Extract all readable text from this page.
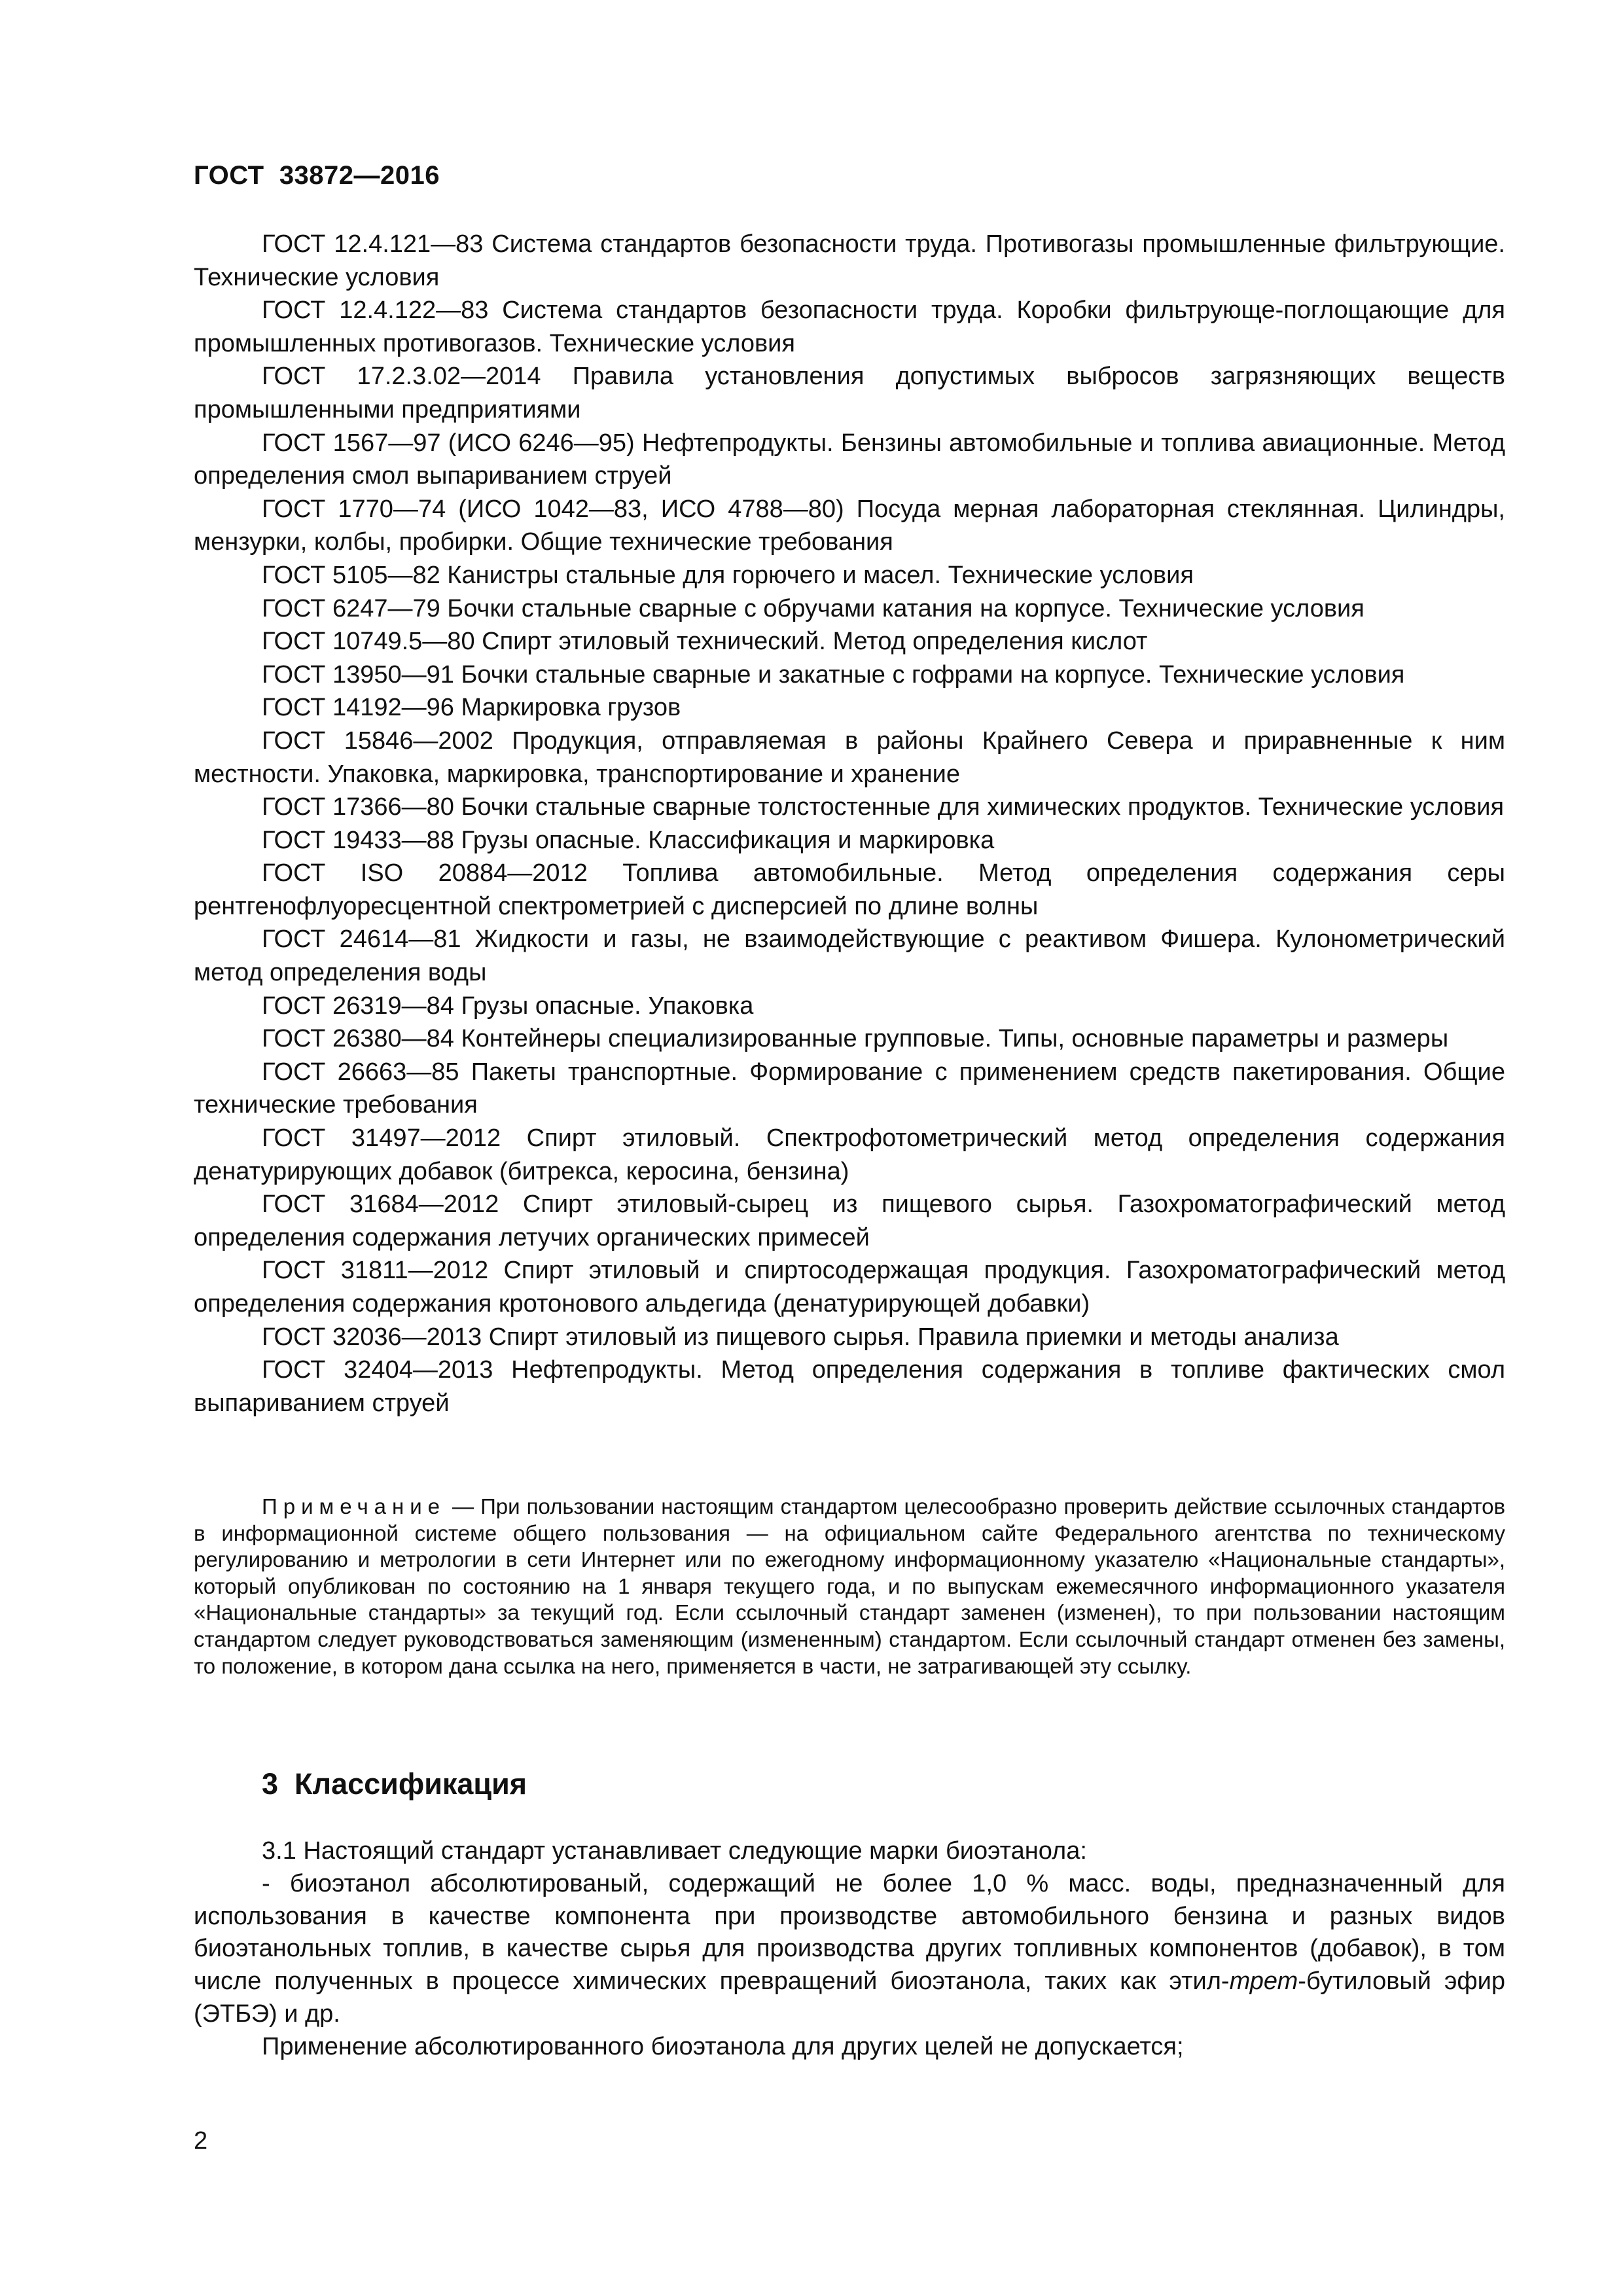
ГОСТ  33872—2016

ГОСТ 12.4.121—83 Система стандартов безопасности труда. Противогазы промышленные фильтрующие. Технические условия

ГОСТ 12.4.122—83 Система стандартов безопасности труда. Коробки фильтрующе-поглощающие для промышленных противогазов. Технические условия

ГОСТ 17.2.3.02—2014 Правила установления допустимых выбросов загрязняющих веществ промышленными предприятиями

ГОСТ 1567—97 (ИСО 6246—95) Нефтепродукты. Бензины автомобильные и топлива авиационные. Метод определения смол выпариванием струей

ГОСТ 1770—74 (ИСО 1042—83, ИСО 4788—80) Посуда мерная лабораторная стеклянная. Цилиндры, мензурки, колбы, пробирки. Общие технические требования

ГОСТ 5105—82 Канистры стальные для горючего и масел. Технические условия

ГОСТ 6247—79 Бочки стальные сварные с обручами катания на корпусе. Технические условия

ГОСТ 10749.5—80 Спирт этиловый технический. Метод определения кислот

ГОСТ 13950—91 Бочки стальные сварные и закатные с гофрами на корпусе. Технические условия

ГОСТ 14192—96 Маркировка грузов

ГОСТ 15846—2002 Продукция, отправляемая в районы Крайнего Севера и приравненные к ним местности. Упаковка, маркировка, транспортирование и хранение

ГОСТ 17366—80 Бочки стальные сварные толстостенные для химических продуктов. Технические условия

ГОСТ 19433—88 Грузы опасные. Классификация и маркировка

ГОСТ ISO 20884—2012 Топлива автомобильные. Метод определения содержания серы рентгенофлуоресцентной спектрометрией с дисперсией по длине волны

ГОСТ 24614—81 Жидкости и газы, не взаимодействующие с реактивом Фишера. Кулонометрический метод определения воды

ГОСТ 26319—84 Грузы опасные. Упаковка

ГОСТ 26380—84 Контейнеры специализированные групповые. Типы, основные параметры и размеры

ГОСТ 26663—85 Пакеты транспортные. Формирование с применением средств пакетирования. Общие технические требования

ГОСТ 31497—2012 Спирт этиловый. Спектрофотометрический метод определения содержания денатурирующих добавок (битрекса, керосина, бензина)

ГОСТ 31684—2012 Спирт этиловый-сырец из пищевого сырья. Газохроматографический метод определения содержания летучих органических примесей

ГОСТ 31811—2012 Спирт этиловый и спиртосодержащая продукция. Газохроматографический метод определения содержания кротонового альдегида (денатурирующей добавки)

ГОСТ 32036—2013 Спирт этиловый из пищевого сырья. Правила приемки и методы анализа

ГОСТ 32404—2013 Нефтепродукты. Метод определения содержания в топливе фактических смол выпариванием струей

Примечание — При пользовании настоящим стандартом целесообразно проверить действие ссылочных стандартов в информационной системе общего пользования — на официальном сайте Федерального агентства по техническому регулированию и метрологии в сети Интернет или по ежегодному информационному указателю «Национальные стандарты», который опубликован по состоянию на 1 января текущего года, и по выпускам ежемесячного информационного указателя «Национальные стандарты» за текущий год. Если ссылочный стандарт заменен (изменен), то при пользовании настоящим стандартом следует руководствоваться заменяющим (измененным) стандартом. Если ссылочный стандарт отменен без замены, то положение, в котором дана ссылка на него, применяется в части, не затрагивающей эту ссылку.

3  Классификация

3.1 Настоящий стандарт устанавливает следующие марки биоэтанола:

- биоэтанол абсолютированый, содержащий не более 1,0 % масс. воды, предназначенный для использования в качестве компонента при производстве автомобильного бензина и разных видов биоэтанольных топлив, в качестве сырья для производства других топливных компонентов (добавок), в том числе полученных в процессе химических превращений биоэтанола, таких как этил-трет-бутиловый эфир (ЭТБЭ) и др.

Применение абсолютированного биоэтанола для других целей не допускается;

2
